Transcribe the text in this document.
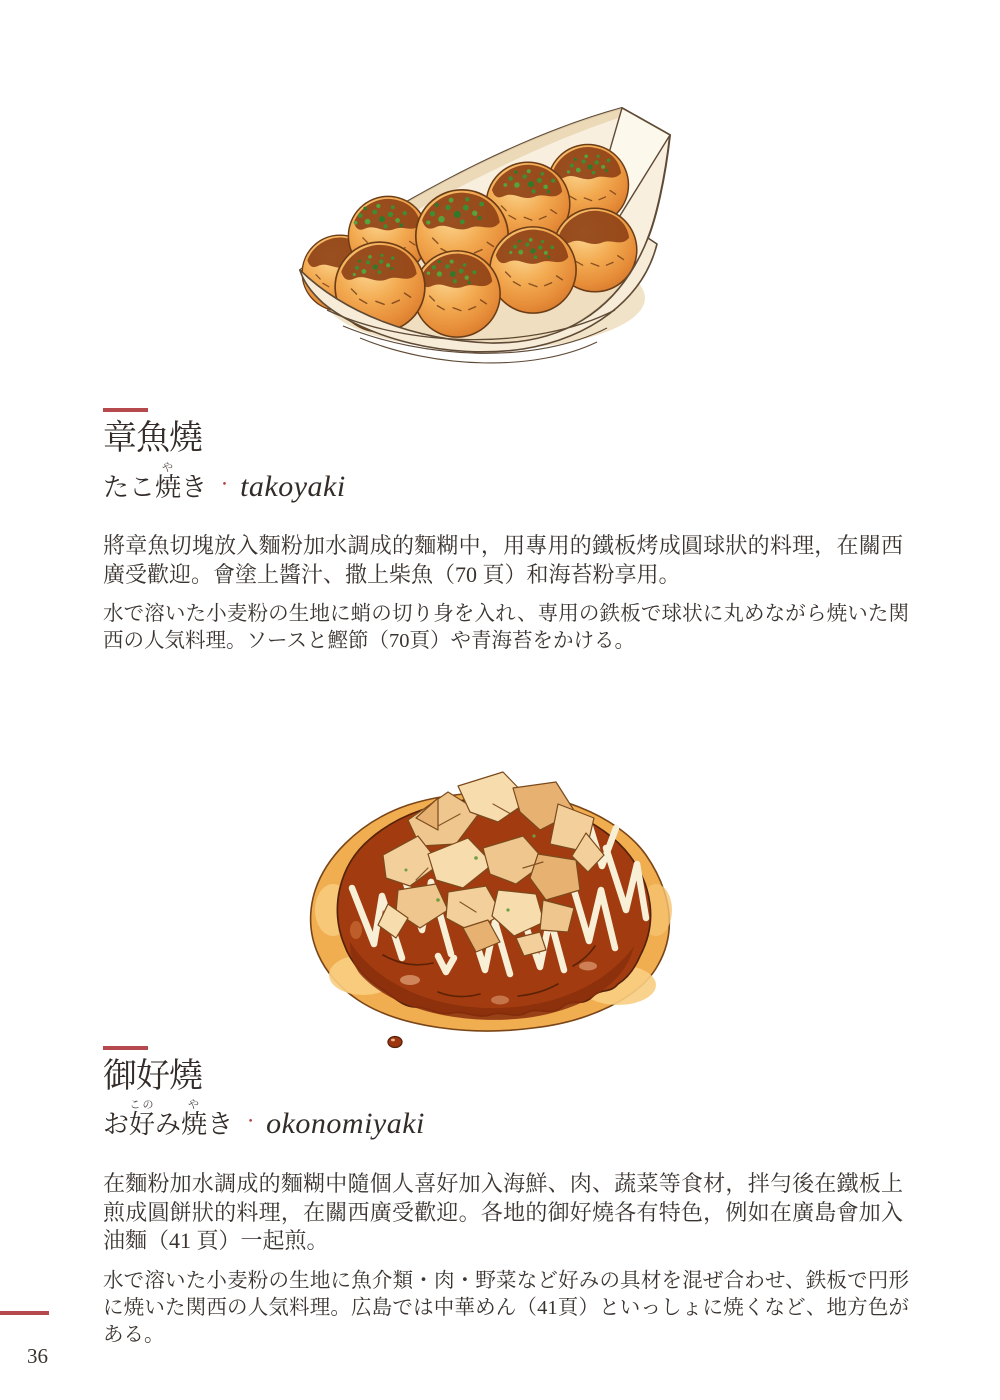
章魚燒
たこ焼やき ・ takoyaki

將章魚切塊放入麵粉加水調成的麵糊中，用專用的鐵板烤成圓球狀的料理，在關西廣受歡迎。會塗上醬汁、撒上柴魚（70 頁）和海苔粉享用。

水で溶いた小麦粉の生地に蛸の切り身を入れ、専用の鉄板で球状に丸めながら焼いた関西の人気料理。ソースと鰹節（70頁）や青海苔をかける。

御好燒
お好このみ焼やき ・ okonomiyaki

在麵粉加水調成的麵糊中隨個人喜好加入海鮮、肉、蔬菜等食材，拌勻後在鐵板上煎成圓餅狀的料理，在關西廣受歡迎。各地的御好燒各有特色，例如在廣島會加入油麵（41 頁）一起煎。

水で溶いた小麦粉の生地に魚介類・肉・野菜など好みの具材を混ぜ合わせ、鉄板で円形に焼いた関西の人気料理。広島では中華めん（41頁）といっしょに焼くなど、地方色がある。

36
